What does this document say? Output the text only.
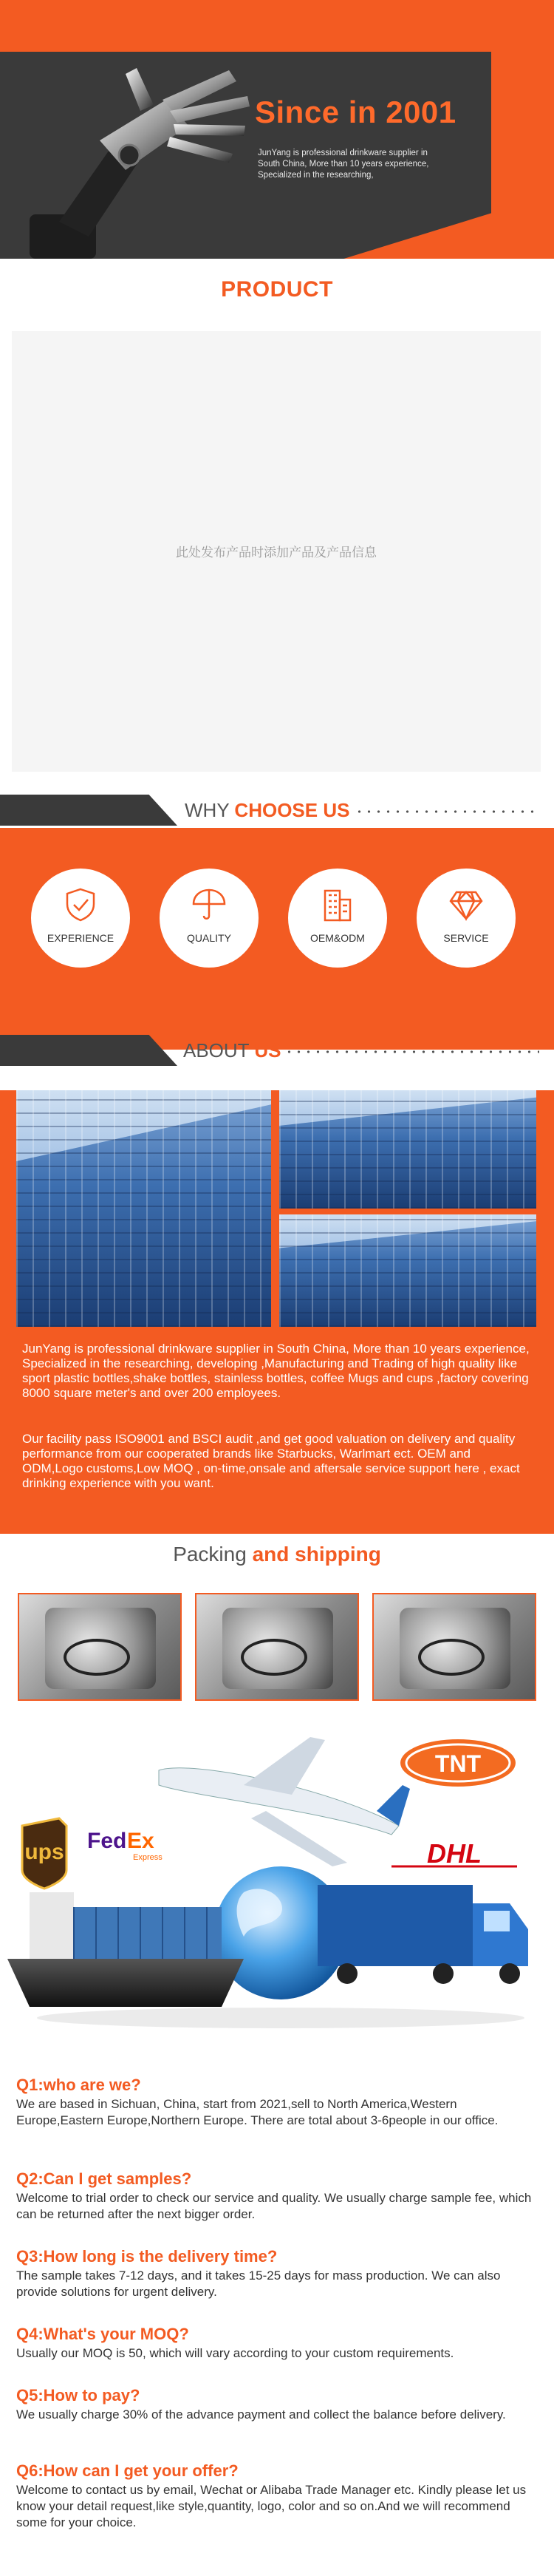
Since in 2001
JunYang is professional drinkware supplier in South China, More than 10 years experience, Specialized in the researching,
PRODUCT
此处发布产品时添加产品及产品信息
WHY CHOOSE US
EXPERIENCE	QUALITY	OEM&ODM	SERVICE
ABOUT US
JunYang is professional drinkware supplier in South China, More than 10 years experience, Specialized in the researching, developing ,Manufacturing and Trading of high quality like sport plastic bottles,shake bottles, stainless bottles, coffee Mugs and cups ,factory covering 8000 square meter's and over 200 employees.
Our facility pass ISO9001 and BSCI audit ,and get good valuation on delivery and quality performance from our cooperated brands like Starbucks, Warlmart ect. OEM and ODM,Logo customs,Low MOQ , on-time,onsale and aftersale service support here , exact drinking experience with you want.
Packing and shipping
ups Fed Ex
Express
TNT
DHL
Q1:who are we?
We are based in Sichuan, China, start from 2021,sell to North America,Western Europe,Eastern Europe,Northern Europe. There are total about 3-6people in our office.
Q2:Can I get samples?
Welcome to trial order to check our service and quality. We usually charge sample fee, which can be returned after the next bigger order.
Q3:How long is the delivery time?
The sample takes 7-12 days, and it takes 15-25 days for mass production. We can also provide solutions for urgent delivery.
Q4:What's your MOQ?
Usually our MOQ is 50, which will vary according to your custom requirements.
Q5:How to pay?
We usually charge 30% of the advance payment and collect the balance before delivery.
Q6:How can I get your offer?
Welcome to contact us by email, Wechat or Alibaba Trade Manager etc. Kindly please let us know your detail request,like style,quantity, logo, color and so on.And we will recommend some for your choice.
